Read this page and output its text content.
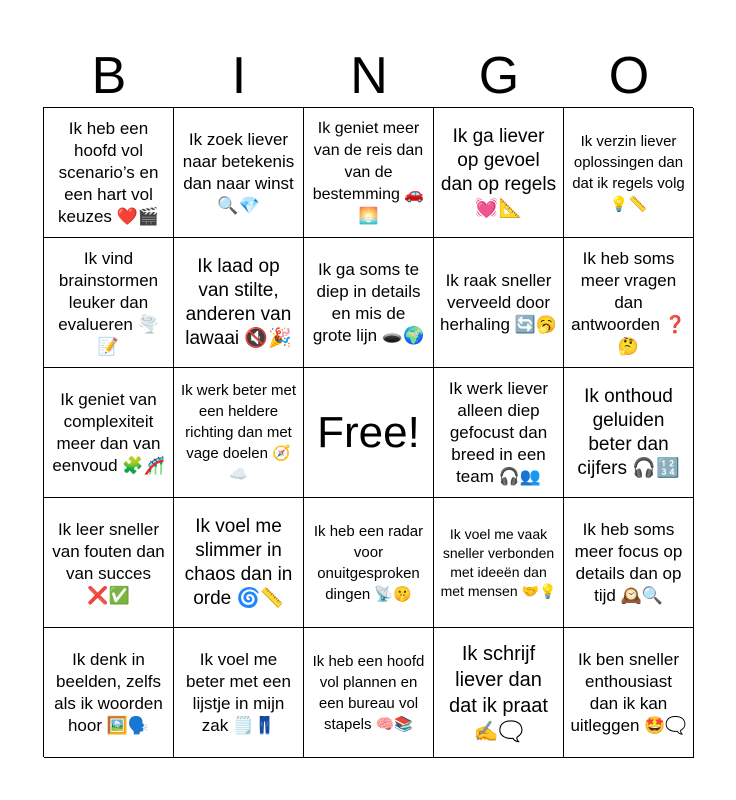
B	I	N	G	O
Ik heb een hoofd vol scenario’s en een hart vol keuzes ❤️🎬
Ik zoek liever naar betekenis dan naar winst 🔍💎
Ik geniet meer van de reis dan van de bestemming 🚗🌅
Ik ga liever op gevoel dan op regels 💓📐
Ik verzin liever oplossingen dan dat ik regels volg 💡📏
Ik vind brainstormen leuker dan evalueren 🌪️📝
Ik laad op van stilte, anderen van lawaai 🔇🎉
Ik ga soms te diep in details en mis de grote lijn 🕳️🌍
Ik raak sneller verveeld door herhaling 🔄🥱
Ik heb soms meer vragen dan antwoorden ❓🤔
Ik geniet van complexiteit meer dan van eenvoud 🧩🎢
Ik werk beter met een heldere richting dan met vage doelen 🧭☁️
Free!
Ik werk liever alleen diep gefocust dan breed in een team 🎧👥
Ik onthoud geluiden beter dan cijfers 🎧🔢
Ik leer sneller van fouten dan van succes ❌✅
Ik voel me slimmer in chaos dan in orde 🌀📏
Ik heb een radar voor onuitgesproken dingen 📡🤫
Ik voel me vaak sneller verbonden met ideeën dan met mensen 🤝💡
Ik heb soms meer focus op details dan op tijd 🕰️🔍
Ik denk in beelden, zelfs als ik woorden hoor 🖼️🗣️
Ik voel me beter met een lijstje in mijn zak 🗒️👖
Ik heb een hoofd vol plannen en een bureau vol stapels 🧠📚
Ik schrijf liever dan dat ik praat ✍️🗨️
Ik ben sneller enthousiast dan ik kan uitleggen 🤩🗨️
